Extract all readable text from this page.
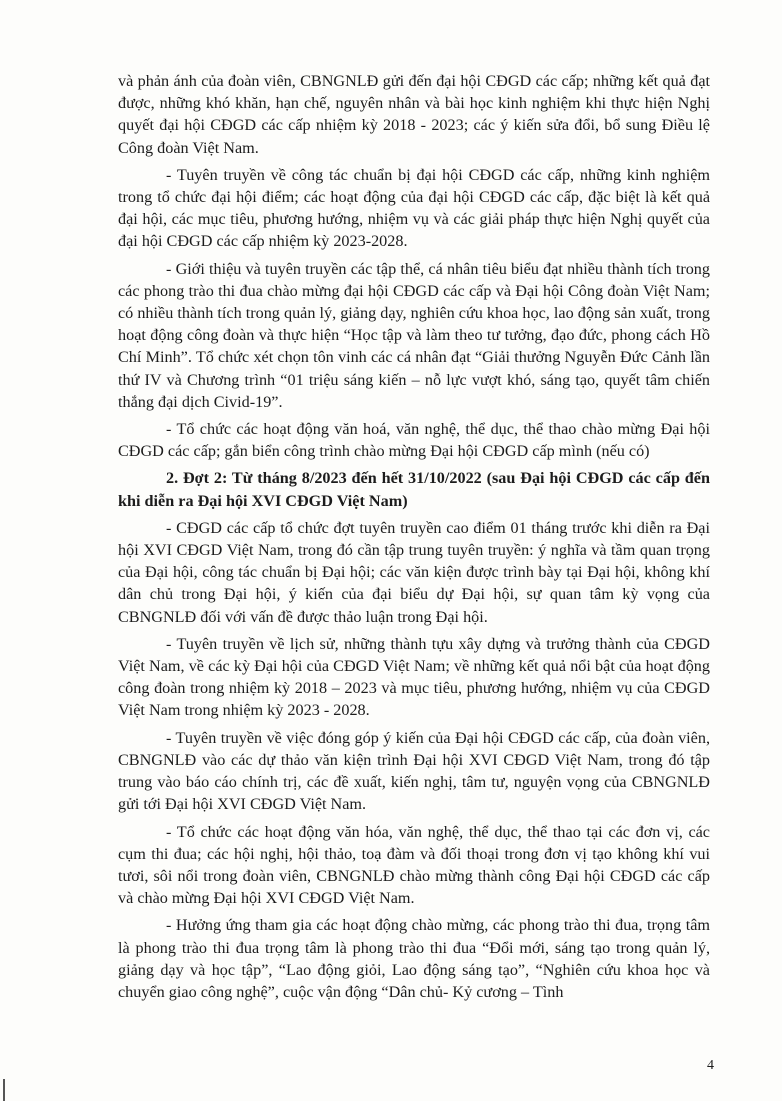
và phản ánh của đoàn viên, CBNGNLĐ gửi đến đại hội CĐGD các cấp; những kết quả đạt được, những khó khăn, hạn chế, nguyên nhân và bài học kinh nghiệm khi thực hiện Nghị quyết đại hội CĐGD các cấp nhiệm kỳ 2018 - 2023; các ý kiến sửa đổi, bổ sung Điều lệ Công đoàn Việt Nam.

- Tuyên truyền về công tác chuẩn bị đại hội CĐGD các cấp, những kinh nghiệm trong tổ chức đại hội điểm; các hoạt động của đại hội CĐGD các cấp, đặc biệt là kết quả đại hội, các mục tiêu, phương hướng, nhiệm vụ và các giải pháp thực hiện Nghị quyết của đại hội CĐGD các cấp nhiệm kỳ 2023-2028.

- Giới thiệu và tuyên truyền các tập thể, cá nhân tiêu biểu đạt nhiều thành tích trong các phong trào thi đua chào mừng đại hội CĐGD các cấp và Đại hội Công đoàn Việt Nam; có nhiều thành tích trong quản lý, giảng dạy, nghiên cứu khoa học, lao động sản xuất, trong hoạt động công đoàn và thực hiện “Học tập và làm theo tư tưởng, đạo đức, phong cách Hồ Chí Minh”. Tổ chức xét chọn tôn vinh các cá nhân đạt “Giải thưởng Nguyễn Đức Cảnh lần thứ IV và Chương trình “01 triệu sáng kiến – nỗ lực vượt khó, sáng tạo, quyết tâm chiến thắng đại dịch Civid-19”.

- Tổ chức các hoạt động văn hoá, văn nghệ, thể dục, thể thao chào mừng Đại hội CĐGD các cấp; gắn biển công trình chào mừng Đại hội CĐGD cấp mình (nếu có)

2. Đợt 2: Từ tháng 8/2023 đến hết 31/10/2022 (sau Đại hội CĐGD các cấp đến khi diễn ra Đại hội XVI CĐGD Việt Nam)

- CĐGD các cấp tổ chức đợt tuyên truyền cao điểm 01 tháng trước khi diễn ra Đại hội XVI CĐGD Việt Nam, trong đó cần tập trung tuyên truyền: ý nghĩa và tầm quan trọng của Đại hội, công tác chuẩn bị Đại hội; các văn kiện được trình bày tại Đại hội, không khí dân chủ trong Đại hội, ý kiến của đại biểu dự Đại hội, sự quan tâm kỳ vọng của CBNGNLĐ đối với vấn đề được thảo luận trong Đại hội.

- Tuyên truyền về lịch sử, những thành tựu xây dựng và trưởng thành của CĐGD Việt Nam, về các kỳ Đại hội của CĐGD Việt Nam; về những kết quả nổi bật của hoạt động công đoàn trong nhiệm kỳ 2018 – 2023 và mục tiêu, phương hướng, nhiệm vụ của CĐGD Việt Nam trong nhiệm kỳ 2023 - 2028.

- Tuyên truyền về việc đóng góp ý kiến của Đại hội CĐGD các cấp, của đoàn viên, CBNGNLĐ vào các dự thảo văn kiện trình Đại hội XVI CĐGD Việt Nam, trong đó tập trung vào báo cáo chính trị, các đề xuất, kiến nghị, tâm tư, nguyện vọng của CBNGNLĐ gửi tới Đại hội XVI CĐGD Việt Nam.

- Tổ chức các hoạt động văn hóa, văn nghệ, thể dục, thể thao tại các đơn vị, các cụm thi đua; các hội nghị, hội thảo, toạ đàm và đối thoại trong đơn vị tạo không khí vui tươi, sôi nổi trong đoàn viên, CBNGNLĐ chào mừng thành công Đại hội CĐGD các cấp và chào mừng Đại hội XVI CĐGD Việt Nam.

- Hưởng ứng tham gia các hoạt động chào mừng, các phong trào thi đua, trọng tâm là phong trào thi đua trọng tâm là phong trào thi đua “Đổi mới, sáng tạo trong quản lý, giảng dạy và học tập”, “Lao động giỏi, Lao động sáng tạo”, “Nghiên cứu khoa học và chuyển giao công nghệ”, cuộc vận động “Dân chủ- Kỷ cương – Tình

4
